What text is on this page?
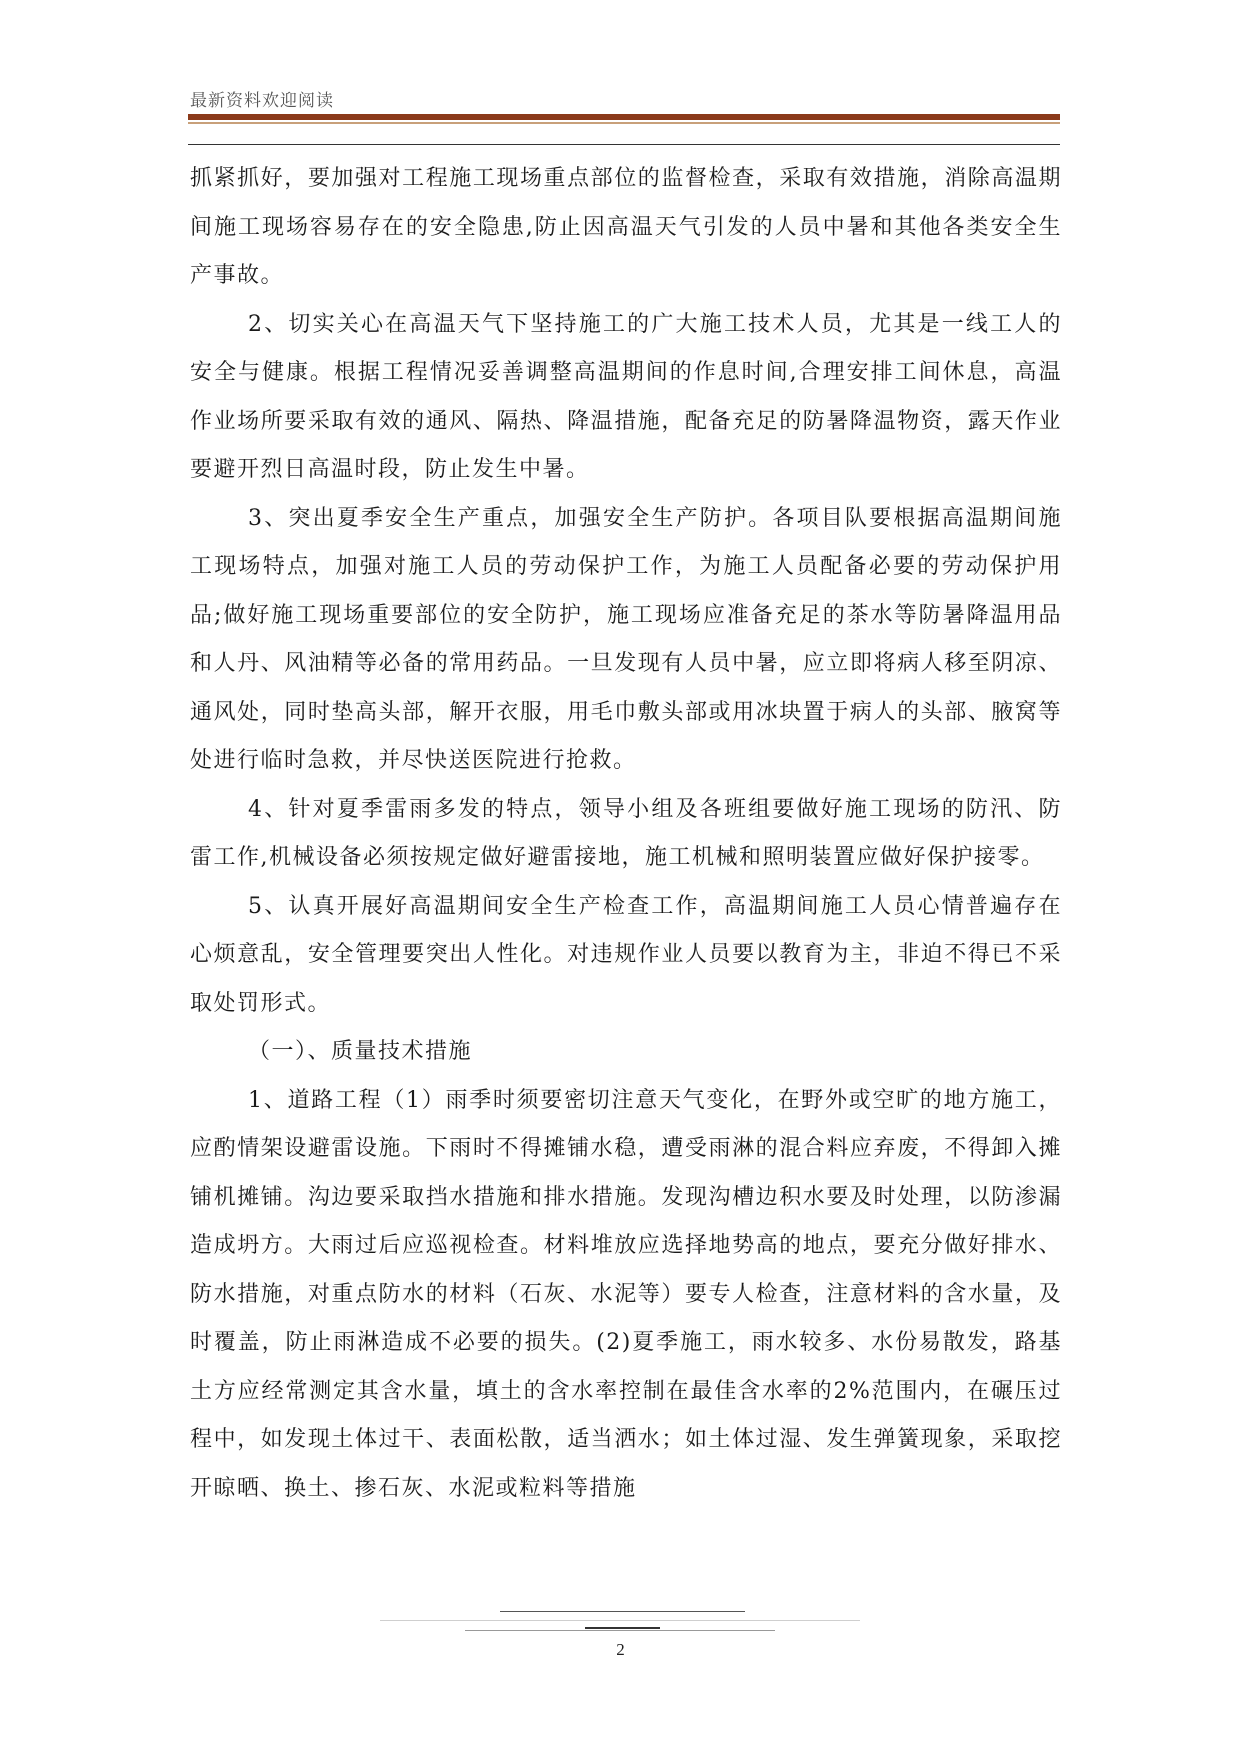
最新资料欢迎阅读

抓紧抓好，要加强对工程施工现场重点部位的监督检查，采取有效措施，消除高温期间施工现场容易存在的安全隐患,防止因高温天气引发的人员中暑和其他各类安全生产事故。

2、切实关心在高温天气下坚持施工的广大施工技术人员，尤其是一线工人的安全与健康。根据工程情况妥善调整高温期间的作息时间,合理安排工间休息，高温作业场所要采取有效的通风、隔热、降温措施，配备充足的防暑降温物资，露天作业要避开烈日高温时段，防止发生中暑。

3、突出夏季安全生产重点，加强安全生产防护。各项目队要根据高温期间施工现场特点，加强对施工人员的劳动保护工作，为施工人员配备必要的劳动保护用品;做好施工现场重要部位的安全防护，施工现场应准备充足的茶水等防暑降温用品和人丹、风油精等必备的常用药品。一旦发现有人员中暑，应立即将病人移至阴凉、通风处，同时垫高头部，解开衣服，用毛巾敷头部或用冰块置于病人的头部、腋窝等处进行临时急救，并尽快送医院进行抢救。

4、针对夏季雷雨多发的特点，领导小组及各班组要做好施工现场的防汛、防雷工作,机械设备必须按规定做好避雷接地，施工机械和照明装置应做好保护接零。

5、认真开展好高温期间安全生产检查工作，高温期间施工人员心情普遍存在心烦意乱，安全管理要突出人性化。对违规作业人员要以教育为主，非迫不得已不采取处罚形式。

（一）、质量技术措施

1、道路工程（1）雨季时须要密切注意天气变化，在野外或空旷的地方施工，应酌情架设避雷设施。下雨时不得摊铺水稳，遭受雨淋的混合料应弃废，不得卸入摊铺机摊铺。沟边要采取挡水措施和排水措施。发现沟槽边积水要及时处理，以防渗漏造成坍方。大雨过后应巡视检查。材料堆放应选择地势高的地点，要充分做好排水、防水措施，对重点防水的材料（石灰、水泥等）要专人检查，注意材料的含水量，及时覆盖，防止雨淋造成不必要的损失。(2)夏季施工，雨水较多、水份易散发，路基土方应经常测定其含水量，填土的含水率控制在最佳含水率的2%范围内，在碾压过程中，如发现土体过干、表面松散，适当洒水；如土体过湿、发生弹簧现象，采取挖开晾晒、换土、掺石灰、水泥或粒料等措施

2
